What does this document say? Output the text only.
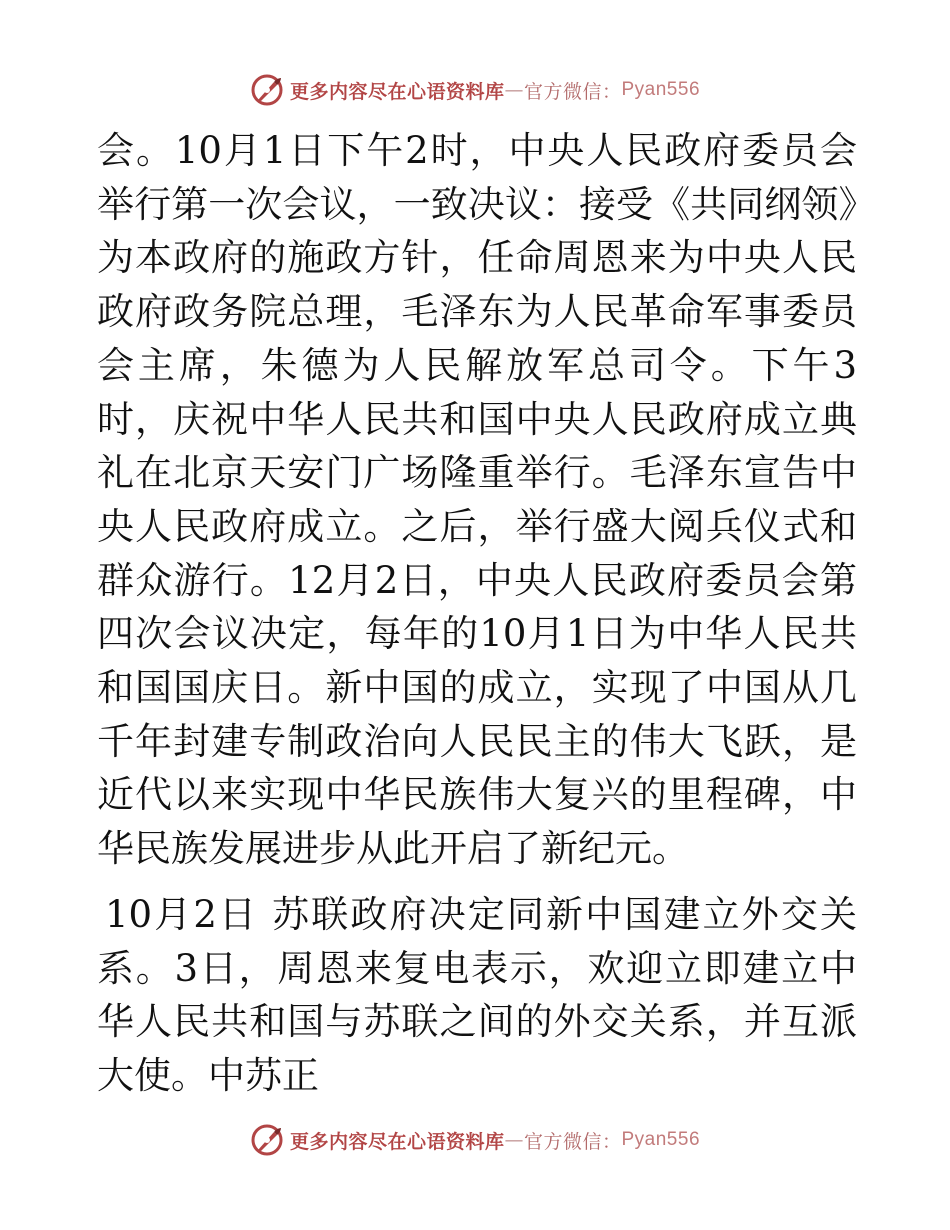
更多内容尽在心语资料库 — 官方微信： Pyan556

会。10月1日下午2时，中央人民政府委员会举行第一次会议，一致决议：接受《共同纲领》为本政府的施政方针，任命周恩来为中央人民政府政务院总理，毛泽东为人民革命军事委员会主席，朱德为人民解放军总司令。下午3时，庆祝中华人民共和国中央人民政府成立典礼在北京天安门广场隆重举行。毛泽东宣告中央人民政府成立。之后，举行盛大阅兵仪式和群众游行。12月2日，中央人民政府委员会第四次会议决定，每年的10月1日为中华人民共和国国庆日。新中国的成立，实现了中国从几千年封建专制政治向人民民主的伟大飞跃，是近代以来实现中华民族伟大复兴的里程碑，中华民族发展进步从此开启了新纪元。

10月2日 苏联政府决定同新中国建立外交关系。3日，周恩来复电表示，欢迎立即建立中华人民共和国与苏联之间的外交关系，并互派大使。中苏正

更多内容尽在心语资料库 — 官方微信： Pyan556
